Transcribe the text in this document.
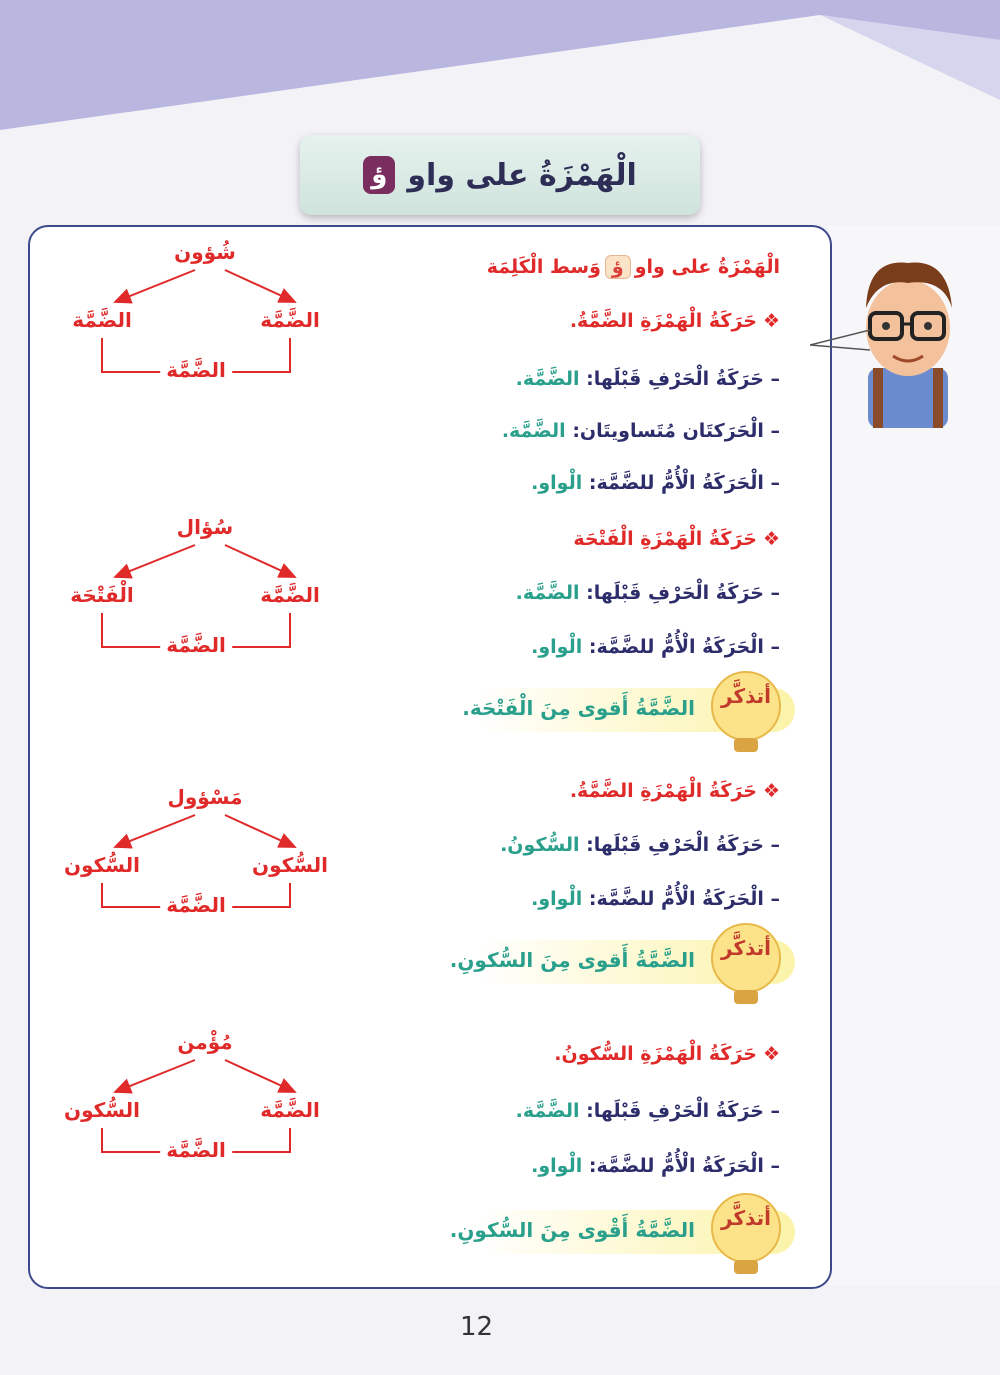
الْهَمْزَةُ على واو
ؤ
الْهَمْزَةُ على واوؤوَسط الْكَلِمَة
❖حَرَكَةُ الْهَمْزَةِ الضَّمَّةُ.
– حَرَكَةُ الْحَرْفِ قَبْلَها: الضَّمَّة.
– الْحَرَكتَان مُتَساويتَان: الضَّمَّة.
– الْحَرَكَةُ الْأُمُّ للضَّمَّة: الْواو.
شُؤون
الضَّمَّة
الضَّمَّة
الضَّمَّة
❖حَرَكَةُ الْهَمْزَةِ الْفَتْحَة
– حَرَكَةُ الْحَرْفِ قَبْلَها: الضَّمَّة.
– الْحَرَكَةُ الْأُمُّ للضَّمَّة: الْواو.
سُؤال
الضَّمَّة
الْفَتْحَة
الضَّمَّة
أتذكَّر
الضَّمَّةُ أَقوى مِنَ الْفَتْحَة.
❖حَرَكَةُ الْهَمْزَةِ الضَّمَّةُ.
– حَرَكَةُ الْحَرْفِ قَبْلَها: السُّكونُ.
– الْحَرَكَةُ الْأُمُّ للضَّمَّة: الْواو.
مَسْؤول
السُّكون
السُّكون
الضَّمَّة
أتذكَّر
الضَّمَّةُ أَقوى مِنَ السُّكونِ.
❖حَرَكَةُ الْهَمْزَةِ السُّكونُ.
– حَرَكَةُ الْحَرْفِ قَبْلَها: الضَّمَّة.
– الْحَرَكَةُ الْأُمُّ للضَّمَّة: الْواو.
مُؤْمن
الضَّمَّة
السُّكون
الضَّمَّة
أتذكَّر
الضَّمَّةُ أَقْوى مِنَ السُّكونِ.
12
